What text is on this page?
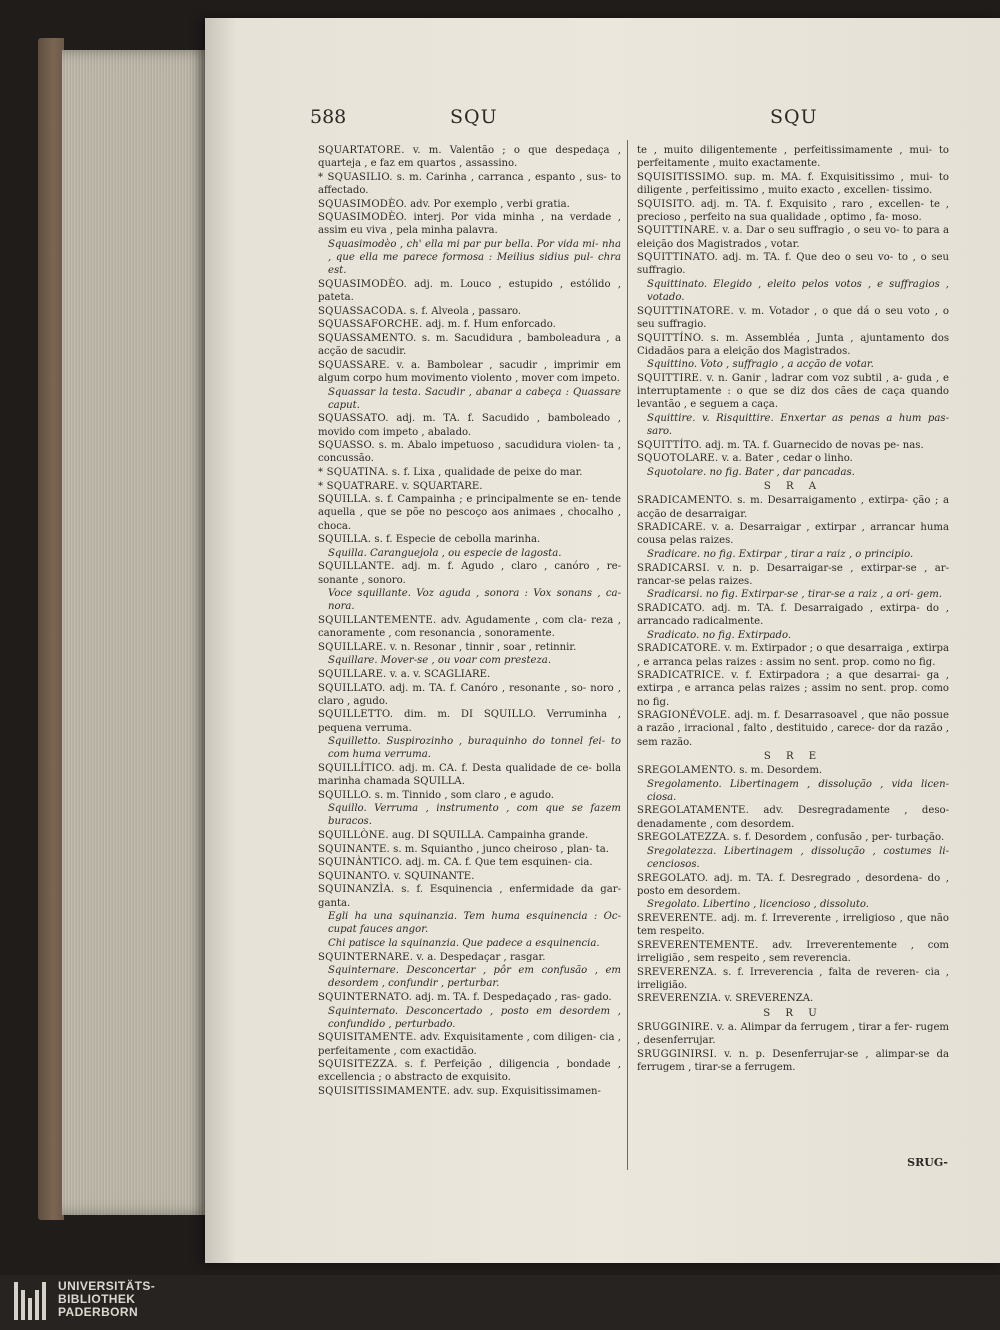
588	SQU	SQU
SQUARTATORE. v. m. Valentão ; o que despedaça , quarteja , e faz em quartos , assassino.
* SQUASILIO. s. m. Carinha , carranca , espanto , sus- to affectado.
SQUASIMODÈO. adv. Por exemplo , verbi gratia.
SQUASIMODÈO. interj. Por vida minha , na verdade , assim eu viva , pela minha palavra.
Squasimodèo , ch' ella mi par pur bella. Por vida mi- nha , que ella me parece formosa : Meilius sidius pul- chra est.
SQUASIMODÈO. adj. m. Louco , estupido , estólido , pateta.
SQUASSACODA. s. f. Alveola , passaro.
SQUASSAFORCHE. adj. m. f. Hum enforcado.
SQUASSAMENTO. s. m. Sacudidura , bamboleadura , a acção de sacudir.
SQUASSARE. v. a. Bambolear , sacudir , imprimir em algum corpo hum movimento violento , mover com impeto.
Squassar la testa. Sacudir , abanar a cabeça : Quassare caput.
SQUASSATO. adj. m. TA. f. Sacudido , bamboleado , movido com impeto , abalado.
SQUASSO. s. m. Abalo impetuoso , sacudidura violen- ta , concussão.
* SQUATINA. s. f. Lixa , qualidade de peixe do mar.
* SQUATRARE. v. SQUARTARE.
SQUILLA. s. f. Campainha ; e principalmente se en- tende aquella , que se põe no pescoço aos animaes , chocalho , choca.
SQUILLA. s. f. Especie de cebolla marinha.
Squilla. Caranguejola , ou especie de lagosta.
SQUILLANTE. adj. m. f. Agudo , claro , canóro , re- sonante , sonoro.
Voce squillante. Voz aguda , sonora : Vox sonans , ca- nora.
SQUILLANTEMENTE. adv. Agudamente , com cla- reza , canoramente , com resonancia , sonoramente.
SQUILLARE. v. n. Resonar , tinnir , soar , retinnir.
Squillare. Mover-se , ou voar com presteza.
SQUILLARE. v. a. v. SCAGLIARE.
SQUILLATO. adj. m. TA. f. Canóro , resonante , so- noro , claro , agudo.
SQUILLETTO. dim. m. DI SQUILLO. Verruminha , pequena verruma.
Squilletto. Suspirozinho , buraquinho do tonnel fei- to com huma verruma.
SQUILLÍTICO. adj. m. CA. f. Desta qualidade de ce- bolla marinha chamada SQUILLA.
SQUILLO. s. m. Tinnido , som claro , e agudo.
Squillo. Verruma , instrumento , com que se fazem buracos.
SQUILLÒNE. aug. DI SQUILLA. Campainha grande.
SQUINANTE. s. m. Squiantho , junco cheiroso , plan- ta.
SQUINÀNTICO. adj. m. CA. f. Que tem esquinen- cia.
SQUINANTO. v. SQUINANTE.
SQUINANZÌA. s. f. Esquinencia , enfermidade da gar- ganta.
Egli ha una squinanzia. Tem huma esquinencia : Oc- cupat fauces angor.
Chi patisce la squinanzia. Que padece a esquinencia.
SQUINTERNARE. v. a. Despedaçar , rasgar.
Squinternare. Desconcertar , pôr em confusão , em desordem , confundir , perturbar.
SQUINTERNATO. adj. m. TA. f. Despedaçado , ras- gado.
Squinternato. Desconcertado , posto em desordem , confundido , perturbado.
SQUISITAMENTE. adv. Exquisitamente , com diligen- cia , perfeitamente , com exactidão.
SQUISITEZZA. s. f. Perfeição , diligencia , bondade , excellencia ; o abstracto de exquisito.
SQUISITISSIMAMENTE. adv. sup. Exquisitissimamen-
te , muito diligentemente , perfeitissimamente , mui- to perfeitamente , muito exactamente.
SQUISITISSIMO. sup. m. MA. f. Exquisitissimo , mui- to diligente , perfeitissimo , muito exacto , excellen- tissimo.
SQUISITO. adj. m. TA. f. Exquisito , raro , excellen- te , precioso , perfeito na sua qualidade , optimo , fa- moso.
SQUITTINARE. v. a. Dar o seu suffragio , o seu vo- to para a eleição dos Magistrados , votar.
SQUITTINATO. adj. m. TA. f. Que deo o seu vo- to , o seu suffragio.
Squittinato. Elegido , eleito pelos votos , e suffragios , votado.
SQUITTINATORE. v. m. Votador , o que dá o seu voto , o seu suffragio.
SQUITTÍNO. s. m. Assembléa , Junta , ajuntamento dos Cidadãos para a eleição dos Magistrados.
Squittino. Voto , suffragio , a acção de votar.
SQUITTIRE. v. n. Ganir , ladrar com voz subtil , a- guda , e interruptamente : o que se diz dos cães de caça quando levantão , e seguem a caça.
Squittire. v. Risquittire. Enxertar as penas a hum pas- saro.
SQUITTÍTO. adj. m. TA. f. Guarnecido de novas pe- nas.
SQUOTOLARE. v. a. Bater , cedar o linho.
Squotolare. no fig. Bater , dar pancadas.
S R A
SRADICAMENTO. s. m. Desarraigamento , extirpa- ção ; a acção de desarraigar.
SRADICARE. v. a. Desarraigar , extirpar , arrancar huma cousa pelas raizes.
Sradicare. no fig. Extirpar , tirar a raiz , o principio.
SRADICARSI. v. n. p. Desarraigar-se , extirpar-se , ar- rancar-se pelas raizes.
Sradicarsi. no fig. Extirpar-se , tirar-se a raiz , a ori- gem.
SRADICATO. adj. m. TA. f. Desarraigado , extirpa- do , arrancado radicalmente.
Sradicato. no fig. Extirpado.
SRADICATORE. v. m. Extirpador ; o que desarraiga , extirpa , e arranca pelas raizes : assim no sent. prop. como no fig.
SRADICATRICE. v. f. Extirpadora ; a que desarrai- ga , extirpa , e arranca pelas raizes ; assim no sent. prop. como no fig.
SRAGIONÉVOLE. adj. m. f. Desarrasoavel , que não possue a razão , irracional , falto , destituido , carece- dor da razão , sem razão.
S R E
SREGOLAMENTO. s. m. Desordem.
Sregolamento. Libertinagem , dissolução , vida licen- ciosa.
SREGOLATAMENTE. adv. Desregradamente , deso- denadamente , com desordem.
SREGOLATEZZA. s. f. Desordem , confusão , per- turbação.
Sregolatezza. Libertinagem , dissolução , costumes li- cenciosos.
SREGOLATO. adj. m. TA. f. Desregrado , desordena- do , posto em desordem.
Sregolato. Libertino , licencioso , dissoluto.
SREVERENTE. adj. m. f. Irreverente , irreligioso , que não tem respeito.
SREVERENTEMENTE. adv. Irreverentemente , com irreligião , sem respeito , sem reverencia.
SREVERENZA. s. f. Irreverencia , falta de reveren- cia , irreligião.
SREVERENZIA. v. SREVERENZA.
S R U
SRUGGINIRE. v. a. Alimpar da ferrugem , tirar a fer- rugem , desenferrujar.
SRUGGINIRSI. v. n. p. Desenferrujar-se , alimpar-se da ferrugem , tirar-se a ferrugem.
SRUG-
UNIVERSITÄTS-
BIBLIOTHEK
PADERBORN
